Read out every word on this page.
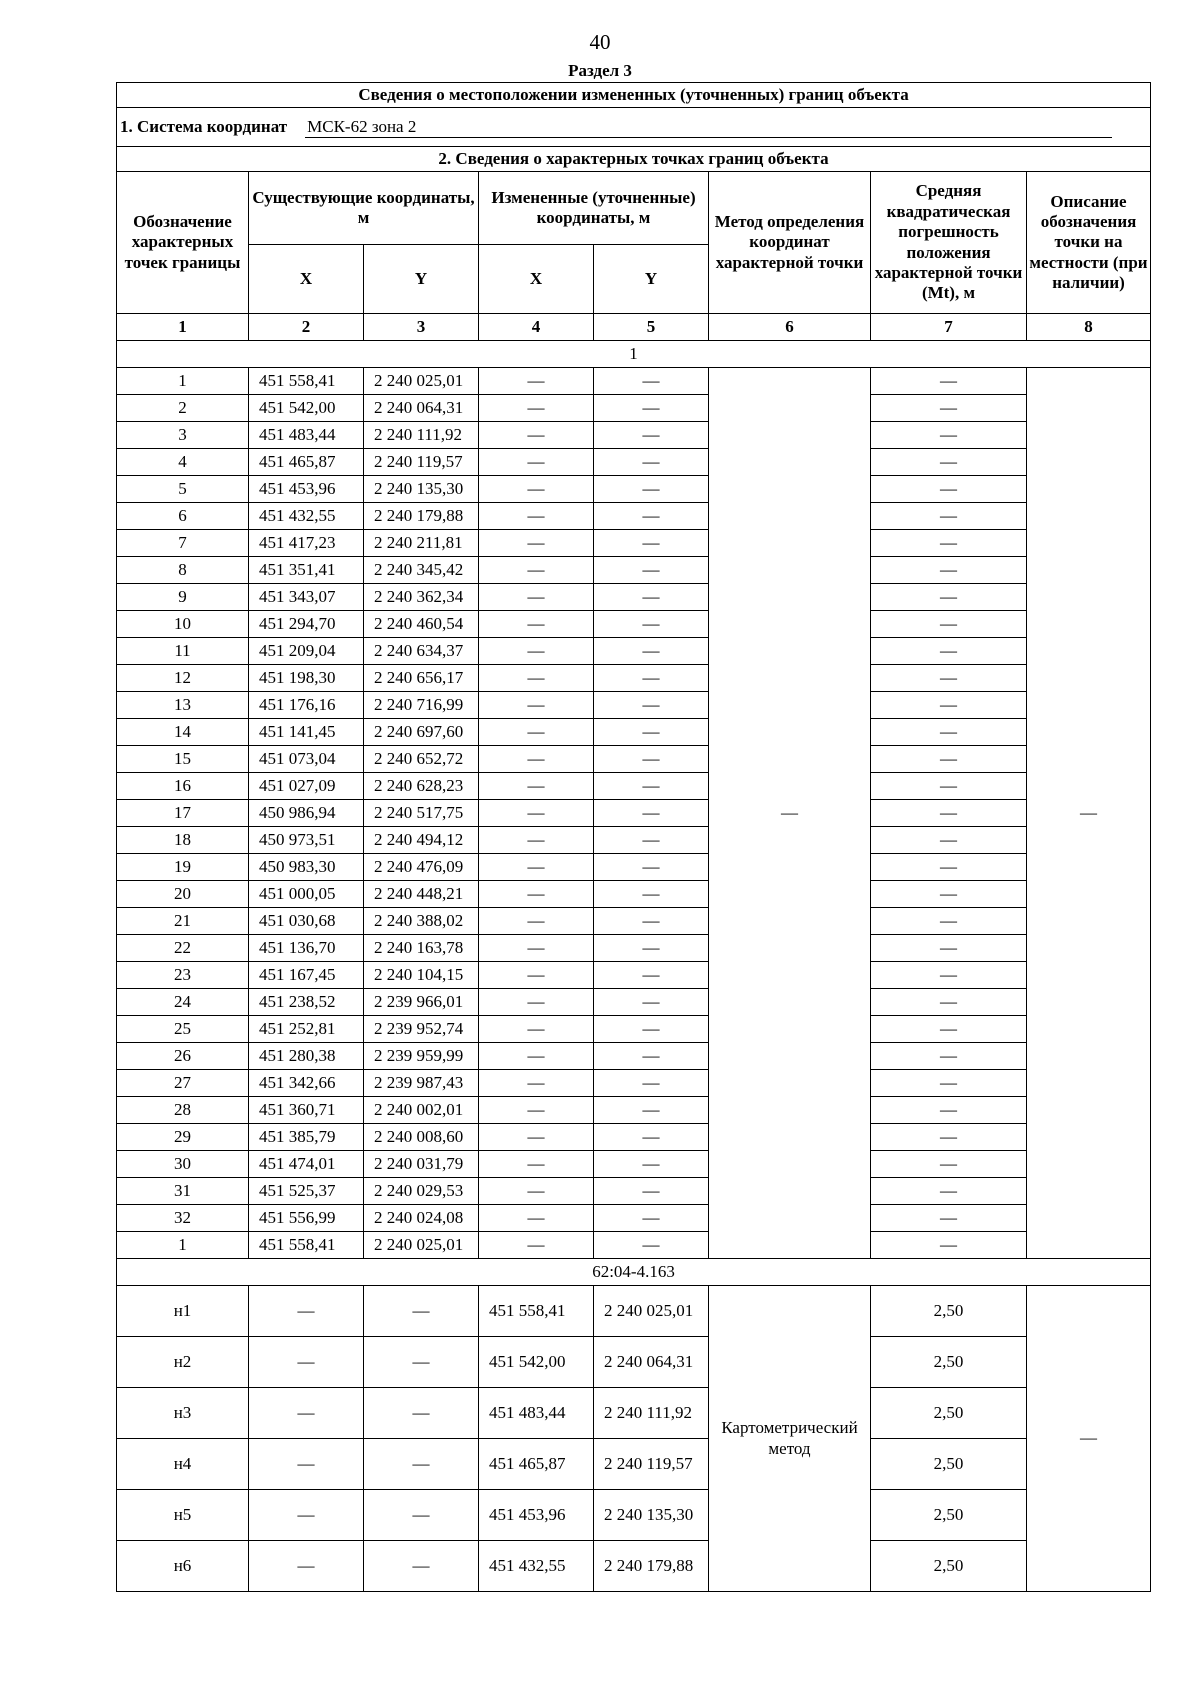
40
Раздел 3
Сведения о местоположении измененных (уточненных) границ объекта							
1. Система координат МСК-62 зона 2							
2. Сведения о характерных точках границ объекта							
Обозначение характерных точек границы	Существующие координаты, м		Измененные (уточненные) координаты, м		Метод определения координат характерной точки	Средняя квадратическая погрешность положения характерной точки (Mt), м	Описание обозначения точки на местности (при наличии)
	X	Y	X	Y			
1	2	3	4	5	6	7	8
1							
1	451 558,41	2 240 025,01	—	—	—	—	—
2	451 542,00	2 240 064,31	—	—		—	
3	451 483,44	2 240 111,92	—	—		—	
4	451 465,87	2 240 119,57	—	—		—	
5	451 453,96	2 240 135,30	—	—		—	
6	451 432,55	2 240 179,88	—	—		—	
7	451 417,23	2 240 211,81	—	—		—	
8	451 351,41	2 240 345,42	—	—		—	
9	451 343,07	2 240 362,34	—	—		—	
10	451 294,70	2 240 460,54	—	—		—	
11	451 209,04	2 240 634,37	—	—		—	
12	451 198,30	2 240 656,17	—	—		—	
13	451 176,16	2 240 716,99	—	—		—	
14	451 141,45	2 240 697,60	—	—		—	
15	451 073,04	2 240 652,72	—	—		—	
16	451 027,09	2 240 628,23	—	—		—	
17	450 986,94	2 240 517,75	—	—		—	
18	450 973,51	2 240 494,12	—	—		—	
19	450 983,30	2 240 476,09	—	—		—	
20	451 000,05	2 240 448,21	—	—		—	
21	451 030,68	2 240 388,02	—	—		—	
22	451 136,70	2 240 163,78	—	—		—	
23	451 167,45	2 240 104,15	—	—		—	
24	451 238,52	2 239 966,01	—	—		—	
25	451 252,81	2 239 952,74	—	—		—	
26	451 280,38	2 239 959,99	—	—		—	
27	451 342,66	2 239 987,43	—	—		—	
28	451 360,71	2 240 002,01	—	—		—	
29	451 385,79	2 240 008,60	—	—		—	
30	451 474,01	2 240 031,79	—	—		—	
31	451 525,37	2 240 029,53	—	—		—	
32	451 556,99	2 240 024,08	—	—		—	
1	451 558,41	2 240 025,01	—	—		—	
62:04-4.163							
н1	—	—	451 558,41	2 240 025,01	Картометрический метод	2,50	—
н2	—	—	451 542,00	2 240 064,31		2,50	
н3	—	—	451 483,44	2 240 111,92		2,50	
н4	—	—	451 465,87	2 240 119,57		2,50	
н5	—	—	451 453,96	2 240 135,30		2,50	
н6	—	—	451 432,55	2 240 179,88		2,50	
